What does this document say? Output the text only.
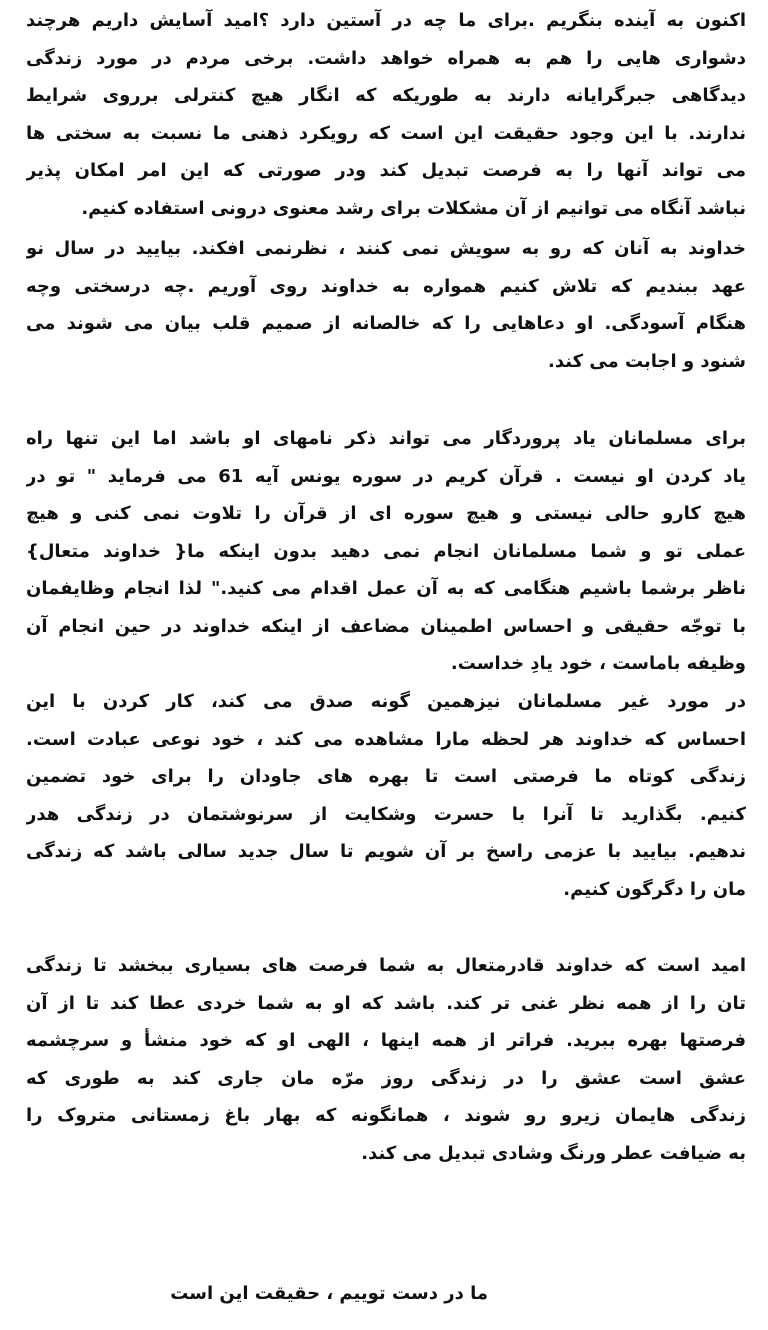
اکنون به آینده بنگریم .برای ما چه در آستین دارد ؟امید آسایش داریم هرچند
دشواری هایی را هم به همراه خواهد داشت. برخی مردم در مورد زندگی
دیدگاهی جبرگرایانه دارند به طوریکه که انگار هیچ کنترلی برروی شرایط
ندارند. با این وجود حقیقت این است که رویکرد ذهنی ما نسبت به سختی ها
می تواند آنها را به فرصت تبدیل کند ودر صورتی که این امر امکان پذیر
نباشد آنگاه می توانیم از آن مشکلات برای رشد معنوی درونی استفاده کنیم.
خداوند به آنان که رو به سویش نمی کنند ، نظرنمی افکند. بیایید در سال نو
عهد ببندیم که تلاش کنیم همواره به خداوند روی آوریم .چه درسختی وچه
هنگام آسودگی. او دعاهایی را که خالصانه از صمیم قلب بیان می شوند می
شنود و اجابت می کند.
برای مسلمانان یاد پروردگار می تواند ذکر نامهای او باشد اما این تنها راه
یاد کردن او نیست . قرآن کریم در سوره یونس آیه 61 می فرماید " تو در
هیچ کارو حالی نیستی و هیچ سوره ای از قرآن را تلاوت نمی کنی و هیچ
عملی تو و شما مسلمانان انجام نمی دهید بدون اینکه ما{ خداوند متعال}
ناظر برشما باشیم هنگامی که به آن عمل اقدام می کنید." لذا انجام وظایفمان
با توجّه حقیقی و احساس اطمینان مضاعف از اینکه خداوند در حین انجام آن
وظیفه باماست ، خود یادِ خداست.
در مورد غیر مسلمانان نیزهمین گونه صدق می کند، کار کردن با این
احساس که خداوند هر لحظه مارا مشاهده می کند ، خود نوعی عبادت است.
زندگی کوتاه ما فرصتی است تا بهره های جاودان را برای خود تضمین
کنیم. بگذارید تا آنرا با حسرت وشکایت از سرنوشتمان در زندگی هدر
ندهیم. بیایید با عزمی راسخ بر آن شویم تا سال جدید سالی باشد که زندگی
مان را دگرگون کنیم.
امید است که خداوند قادرمتعال به شما فرصت های بسیاری ببخشد تا زندگی
تان را از همه نظر غنی تر کند. باشد که او به شما خردی عطا کند تا از آن
فرصتها بهره ببرید. فراتر از همه اینها ، الهی او که خود منشأ و سرچشمه
عشق است عشق را در زندگی روز مرّه مان جاری کند به طوری که
زندگی هایمان زیرو رو شوند ، همانگونه که بهار باغ زمستانی متروک را
به ضیافت عطر ورنگ وشادی تبدیل می کند.
ما در دست توییم ، حقیقت این است
